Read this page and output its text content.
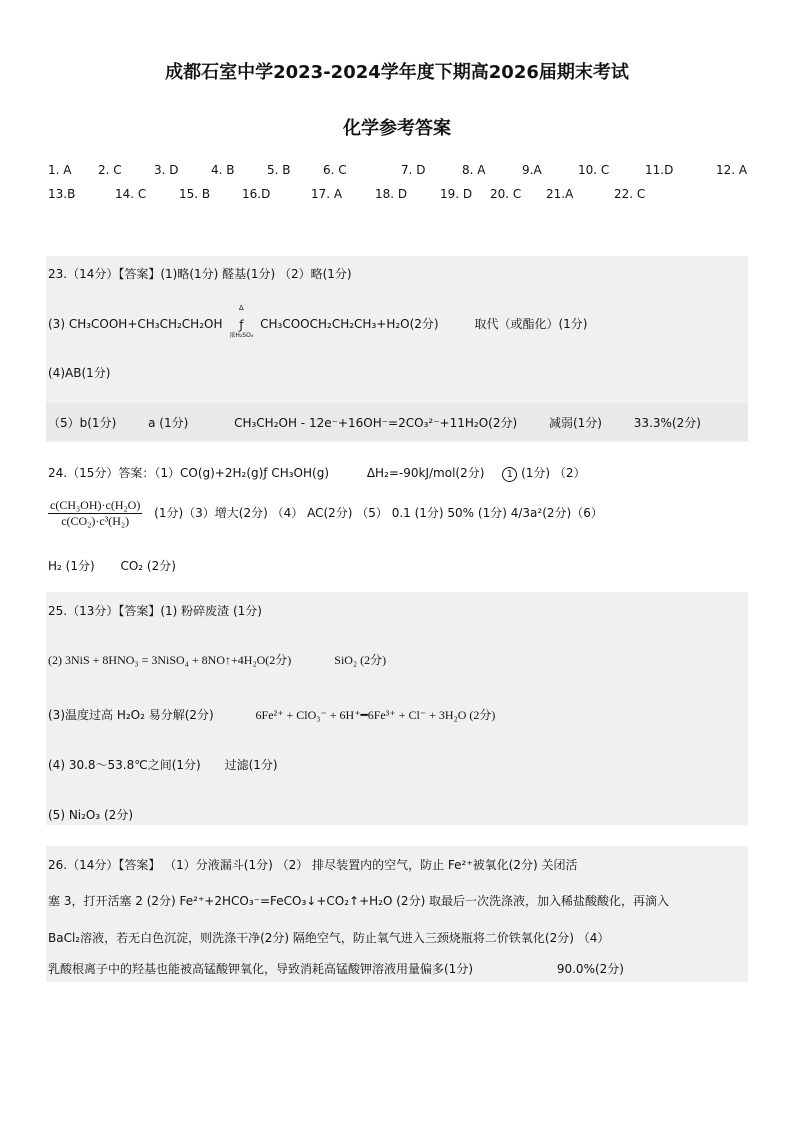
成都石室中学2023-2024学年度下期高2026届期末考试
化学参考答案
1. A 2. C	3. D	4. B	5. B	6. C	7. D	8. A	9.A	10. C	11.D	12. A
13.B	14. C	15. B	16.D	17. A	18. D	19. D 20. C 21.A	22. C
23.（14分）【答案】(1)略(1分) 醛基(1分) （2）略(1分)
(3) CH₃COOH+CH₃CH₂CH₂OH
Δ
ƒ
浓H₂SO₄
CH₃COOCH₂CH₂CH₃+H₂O(2分)	取代（或酯化）(1分)
(4)AB(1分)
（5）b(1分)	a (1分)	CH₃CH₂OH - 12e⁻+16OH⁻=2CO₃²⁻+11H₂O(2分)	减弱(1分)	33.3%(2分)
24.（15分）答案：（1）CO(g)+2H₂(g)ƒ CH₃OH(g)	ΔH₂=-90kJ/mol(2分) 1 (1分) （2）
$\frac{\text{c(CH₃OH)·c(H₂O)}}{\text{c(CO₂)·c³(H₂)}} (1$分)（3）增大(2分) （4） AC(2分) （5） 0.1 (1分) 50% (1分) 4/3a²(2分)（6）
H₂ (1分) CO₂ (2分)
25.（13分）【答案】(1) 粉碎废渣 (1分)
(2) 3NiS + 8HNO₃ = 3NiSO₄ + 8NO↑+4H₂O(2分)	SiO₂ (2分)
(3)温度过高 H₂O₂ 易分解(2分)	6Fe²⁺ + ClO₃⁻ + 6H⁺━6Fe³⁺ + Cl⁻ + 3H₂O (2分)
(4) 30.8～53.8℃之间(1分) 过滤(1分)
(5) Ni₂O₃ (2分)
26.（14分）【答案】 （1）分液漏斗(1分) （2） 排尽装置内的空气，防止 Fe²⁺被氧化(2分) 关闭活
塞 3，打开活塞 2 (2分) Fe²⁺+2HCO₃⁻=FeCO₃↓+CO₂↑+H₂O (2分) 取最后一次洗涤液，加入稀盐酸酸化，再滴入
BaCl₂溶液，若无白色沉淀，则洗涤干净(2分) 隔绝空气，防止氧气进入三颈烧瓶将二价铁氧化(2分) （4）
乳酸根离子中的羟基也能被高锰酸钾氧化，导致消耗高锰酸钾溶液用量偏多(1分)	90.0%(2分)
